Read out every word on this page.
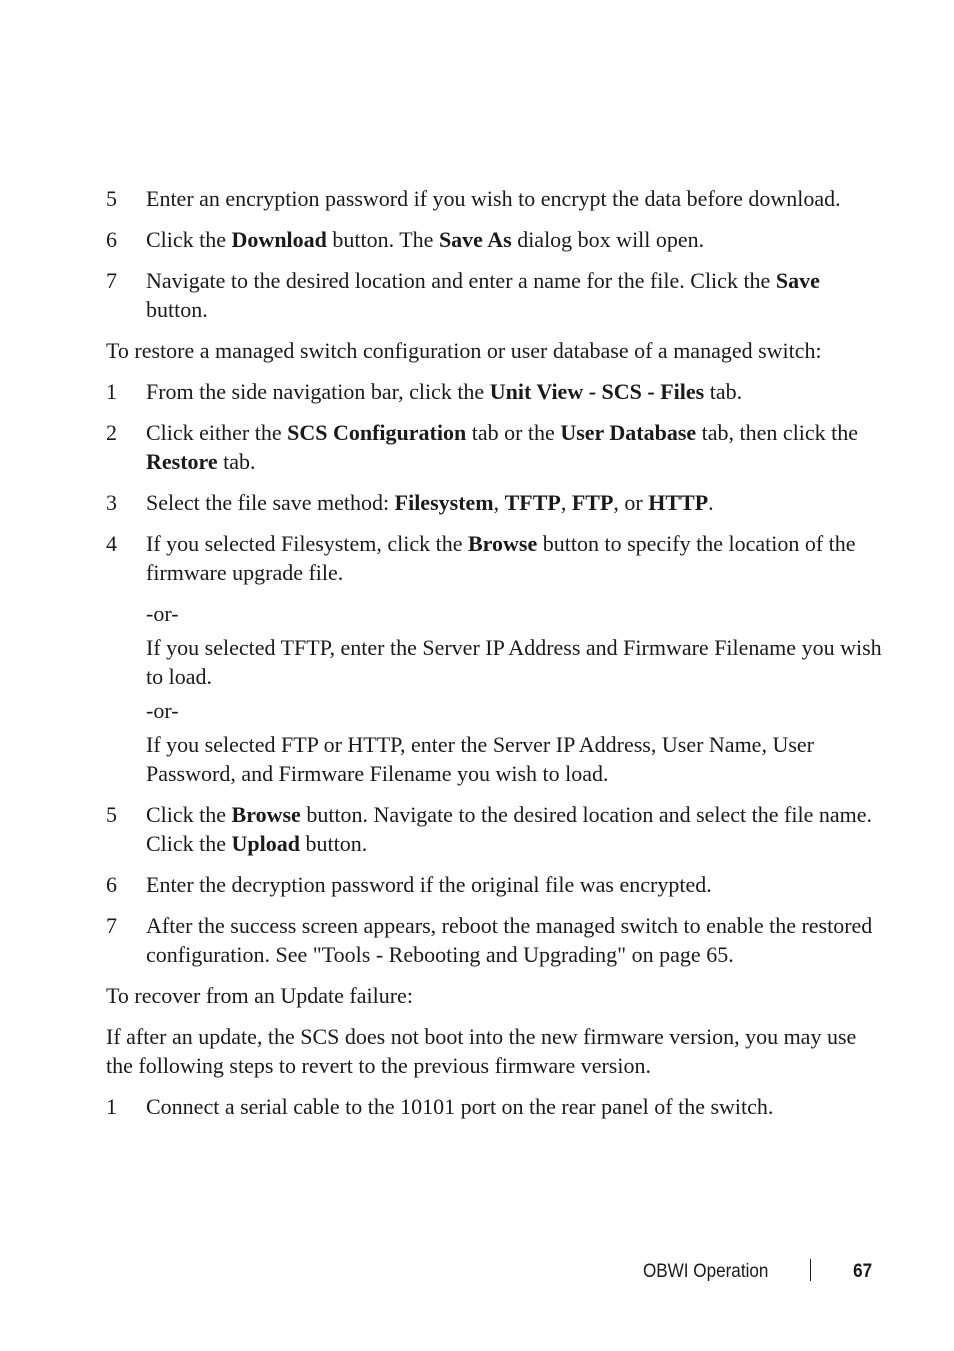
5 Enter an encryption password if you wish to encrypt the data before download.
6 Click the Download button. The Save As dialog box will open.
7 Navigate to the desired location and enter a name for the file. Click the Save button.

To restore a managed switch configuration or user database of a managed switch:

1 From the side navigation bar, click the Unit View - SCS - Files tab.
2 Click either the SCS Configuration tab or the User Database tab, then click the Restore tab.
3 Select the file save method: Filesystem, TFTP, FTP, or HTTP.
4 If you selected Filesystem, click the Browse button to specify the location of the firmware upgrade file.

-or-

If you selected TFTP, enter the Server IP Address and Firmware Filename you wish to load.

-or-

If you selected FTP or HTTP, enter the Server IP Address, User Name, User Password, and Firmware Filename you wish to load.

5 Click the Browse button. Navigate to the desired location and select the file name. Click the Upload button.
6 Enter the decryption password if the original file was encrypted.
7 After the success screen appears, reboot the managed switch to enable the restored configuration. See "Tools - Rebooting and Upgrading" on page 65.

To recover from an Update failure:

If after an update, the SCS does not boot into the new firmware version, you may use the following steps to revert to the previous firmware version.

1 Connect a serial cable to the 10101 port on the rear panel of the switch.
OBWI Operation	67
